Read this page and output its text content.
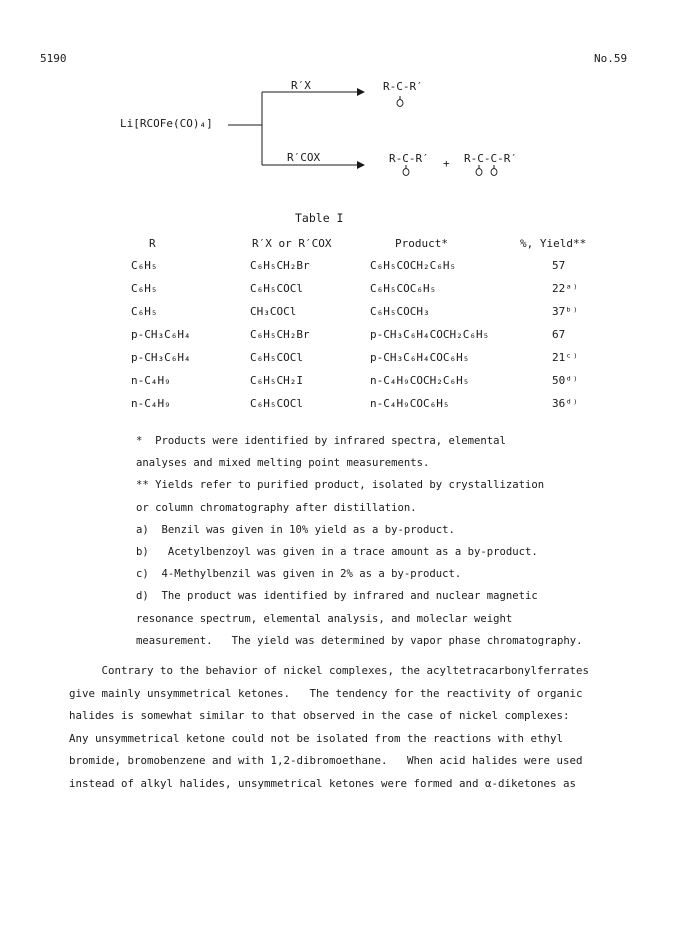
5190	No.59
Li[RCOFe(CO)₄]
R′X	R-C-R′
R′COX	R-C-R′ + R-C-C-R′
Table I
R	R′X or R′COX	Product*	%, Yield**
C₆H₅	C₆H₅CH₂Br	C₆H₅COCH₂C₆H₅	57
C₆H₅	C₆H₅COCl	C₆H₅COC₆H₅	22ᵃ⁾
C₆H₅	CH₃COCl	C₆H₅COCH₃	37ᵇ⁾
p-CH₃C₆H₄	C₆H₅CH₂Br	p-CH₃C₆H₄COCH₂C₆H₅	67
p-CH₃C₆H₄	C₆H₅COCl	p-CH₃C₆H₄COC₆H₅	21ᶜ⁾
n-C₄H₉	C₆H₅CH₂I	n-C₄H₉COCH₂C₆H₅	50ᵈ⁾
n-C₄H₉	C₆H₅COCl	n-C₄H₉COC₆H₅	36ᵈ⁾

*  Products were identified by infrared spectra, elemental

analyses and mixed melting point measurements.

** Yields refer to purified product, isolated by crystallization

or column chromatography after distillation.

a)  Benzil was given in 10% yield as a by-product.

b)   Acetylbenzoyl was given in a trace amount as a by-product.

c)  4-Methylbenzil was given in 2% as a by-product.

d)  The product was identified by infrared and nuclear magnetic

resonance spectrum, elemental analysis, and moleclar weight

measurement.   The yield was determined by vapor phase chromatography.

Contrary to the behavior of nickel complexes, the acyltetracarbonylferrates

give mainly unsymmetrical ketones.   The tendency for the reactivity of organic

halides is somewhat similar to that observed in the case of nickel complexes:

Any unsymmetrical ketone could not be isolated from the reactions with ethyl

bromide, bromobenzene and with 1,2-dibromoethane.   When acid halides were used

instead of alkyl halides, unsymmetrical ketones were formed and α-diketones as
